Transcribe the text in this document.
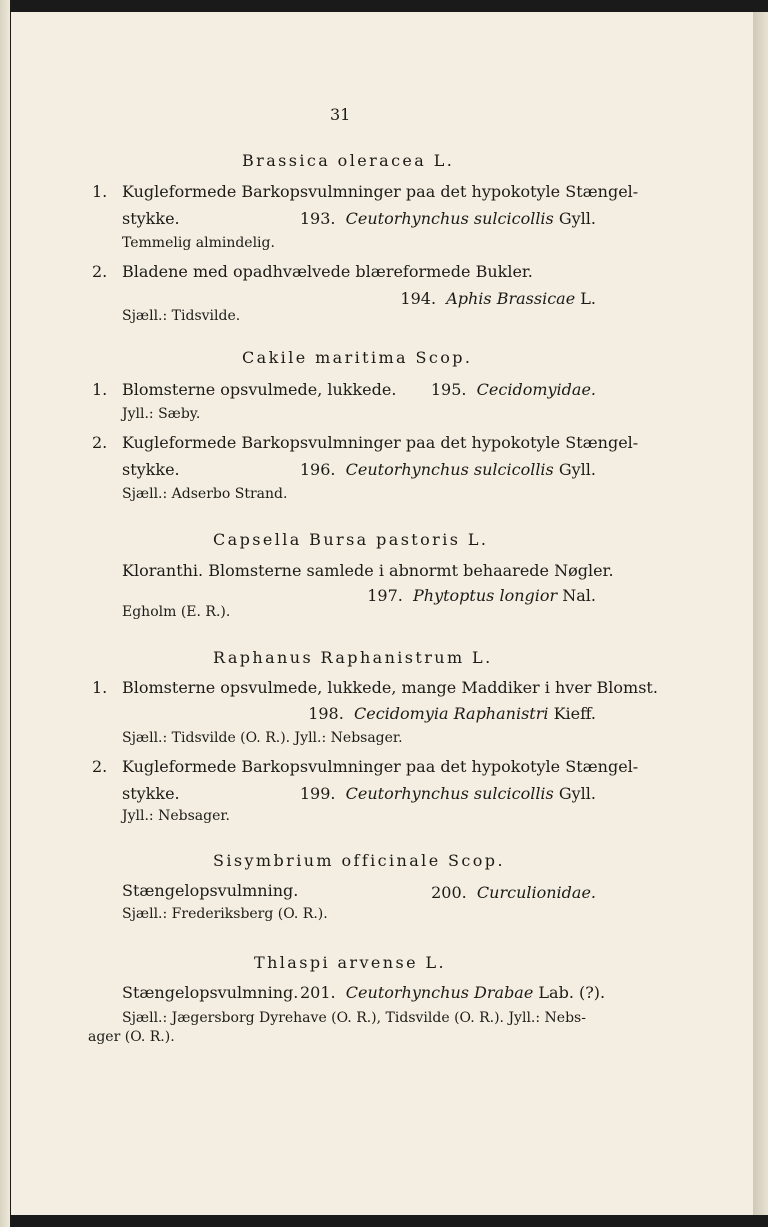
31
Brassica oleracea L.
1. Kugleformede Barkopsvulmninger paa det hypokotyle Stængel-
stykke.	193. Ceutorhynchus sulcicollis Gyll.
Temmelig almindelig.
2. Bladene med opadhvælvede blæreformede Bukler.
194. Aphis Brassicae L.
Sjæll.: Tidsvilde.
Cakile maritima Scop.
1. Blomsterne opsvulmede, lukkede.	195. Cecidomyidae.
Jyll.: Sæby.
2. Kugleformede Barkopsvulmninger paa det hypokotyle Stængel-
stykke.	196. Ceutorhynchus sulcicollis Gyll.
Sjæll.: Adserbo Strand.
Capsella Bursa pastoris L.
Kloranthi. Blomsterne samlede i abnormt behaarede Nøgler.
197. Phytoptus longior Nal.
Egholm (E. R.).
Raphanus Raphanistrum L.
1. Blomsterne opsvulmede, lukkede, mange Maddiker i hver Blomst.
198. Cecidomyia Raphanistri Kieff.
Sjæll.: Tidsvilde (O. R.). Jyll.: Nebsager.
2. Kugleformede Barkopsvulmninger paa det hypokotyle Stængel-
stykke.	199. Ceutorhynchus sulcicollis Gyll.
Jyll.: Nebsager.
Sisymbrium officinale Scop.
Stængelopsvulmning.	200. Curculionidae.
Sjæll.: Frederiksberg (O. R.).
Thlaspi arvense L.
Stængelopsvulmning. 201. Ceutorhynchus Drabae Lab. (?).
Sjæll.: Jægersborg Dyrehave (O. R.), Tidsvilde (O. R.). Jyll.: Nebs-
ager (O. R.).
